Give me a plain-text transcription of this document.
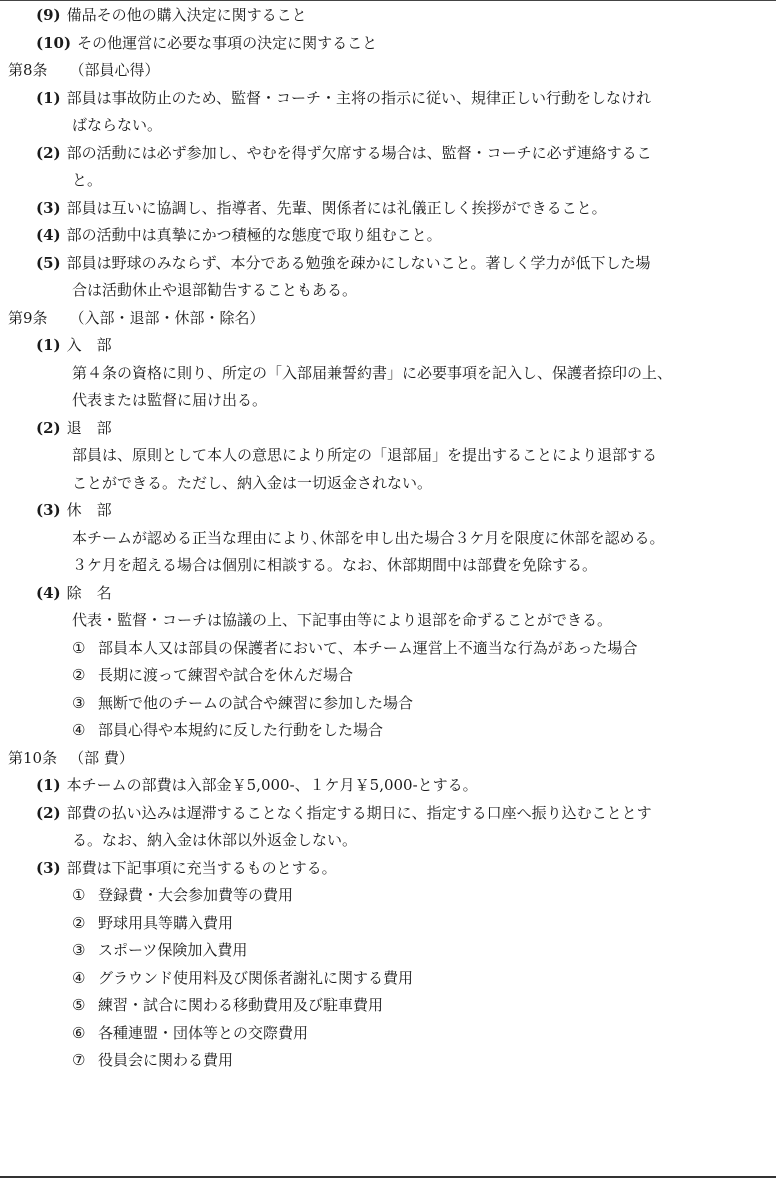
(9) 備品その他の購入決定に関すること
(10) その他運営に必要な事項の決定に関すること
第8条 （部員心得）
(1) 部員は事故防止のため、監督・コーチ・主将の指示に従い、規律正しい行動をしなけれ
ばならない。
(2) 部の活動には必ず参加し、やむを得ず欠席する場合は、監督・コーチに必ず連絡するこ
と。
(3) 部員は互いに協調し、指導者、先輩、関係者には礼儀正しく挨拶ができること。
(4) 部の活動中は真摯にかつ積極的な態度で取り組むこと。
(5) 部員は野球のみならず、本分である勉強を疎かにしないこと。著しく学力が低下した場
合は活動休止や退部勧告することもある。
第9条 （入部・退部・休部・除名）
(1) 入　部
第４条の資格に則り、所定の「入部届兼誓約書」に必要事項を記入し、保護者捺印の上、
代表または監督に届け出る。
(2) 退　部
部員は、原則として本人の意思により所定の「退部届」を提出することにより退部する
ことができる。ただし、納入金は一切返金されない。
(3) 休　部
本チームが認める正当な理由により､休部を申し出た場合３ケ月を限度に休部を認める。
３ケ月を超える場合は個別に相談する。なお、休部期間中は部費を免除する。
(4) 除　名
代表・監督・コーチは協議の上、下記事由等により退部を命ずることができる。
① 部員本人又は部員の保護者において、本チーム運営上不適当な行為があった場合
② 長期に渡って練習や試合を休んだ場合
③ 無断で他のチームの試合や練習に参加した場合
④ 部員心得や本規約に反した行動をした場合
第10条 （部 費）
(1) 本チームの部費は入部金￥5,000-、１ケ月￥5,000-とする。
(2) 部費の払い込みは遅滞することなく指定する期日に、指定する口座へ振り込むこととす
る。なお、納入金は休部以外返金しない。
(3) 部費は下記事項に充当するものとする。
① 登録費・大会参加費等の費用
② 野球用具等購入費用
③ スポーツ保険加入費用
④ グラウンド使用料及び関係者謝礼に関する費用
⑤ 練習・試合に関わる移動費用及び駐車費用
⑥ 各種連盟・団体等との交際費用
⑦ 役員会に関わる費用
